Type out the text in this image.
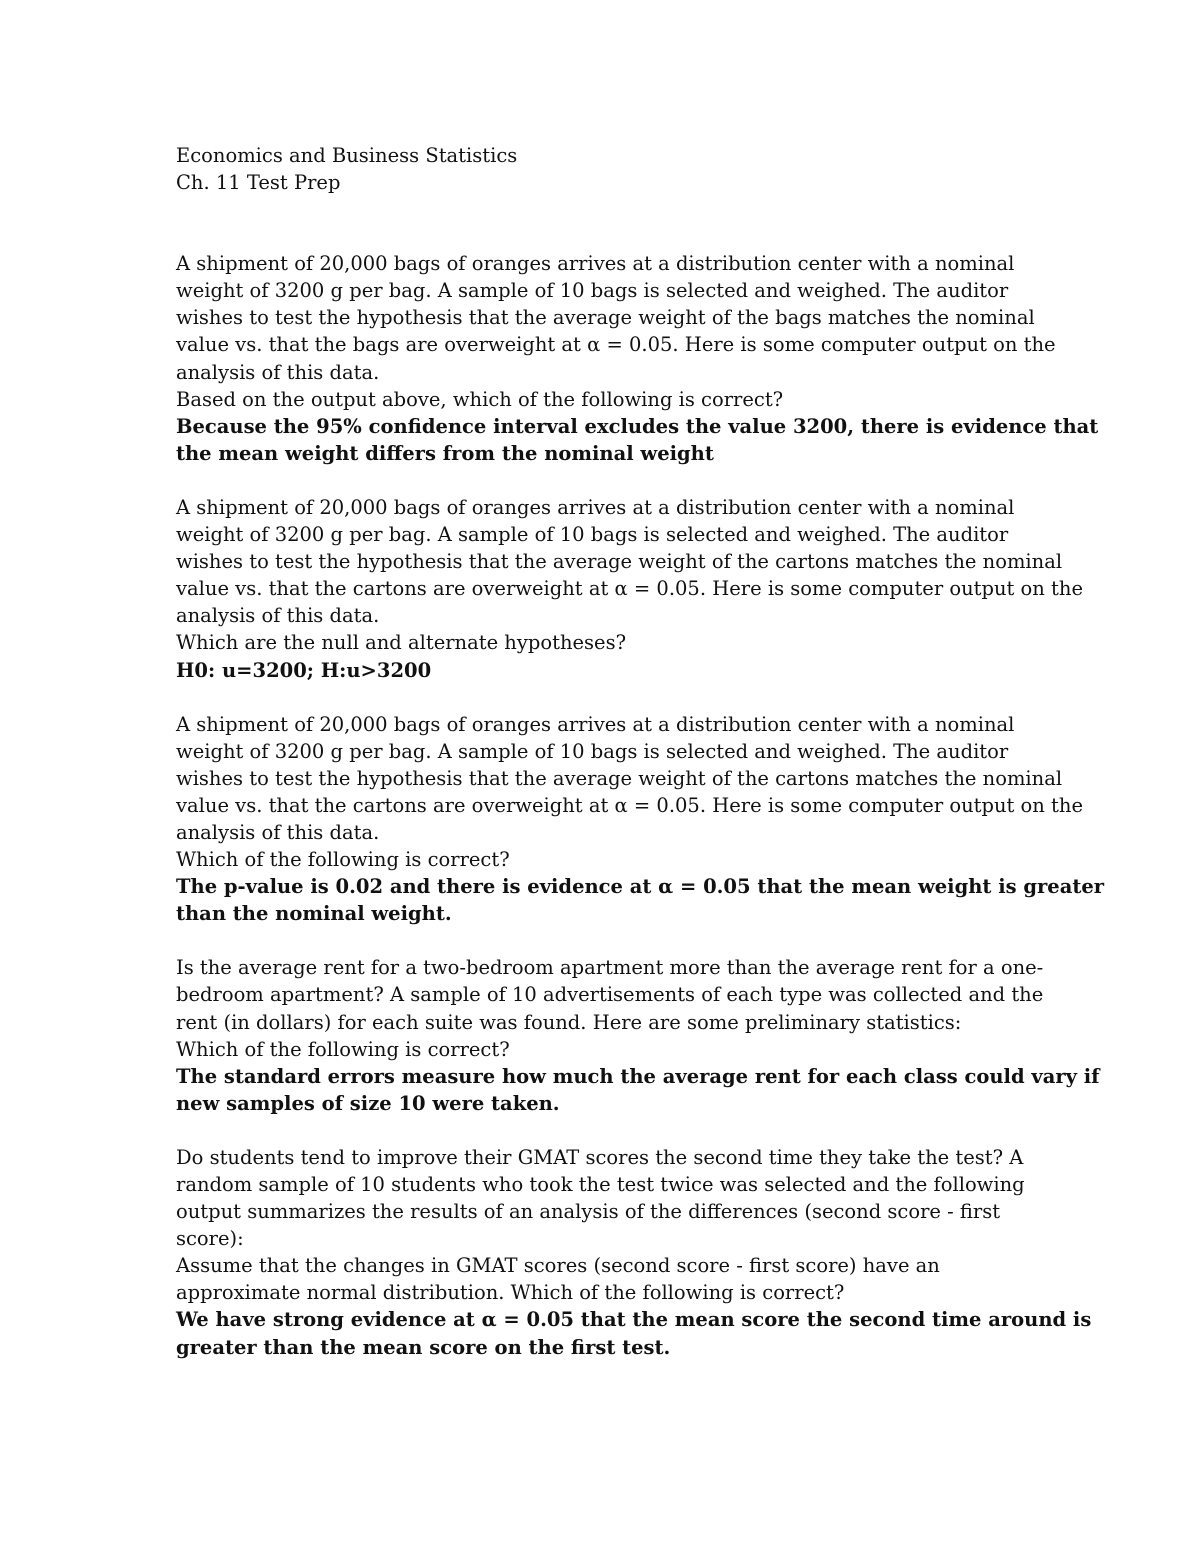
Economics and Business Statistics
Ch. 11 Test Prep
A shipment of 20,000 bags of oranges arrives at a distribution center with a nominal
weight of 3200 g per bag. A sample of 10 bags is selected and weighed. The auditor
wishes to test the hypothesis that the average weight of the bags matches the nominal
value vs. that the bags are overweight at α = 0.05. Here is some computer output on the
analysis of this data.
Based on the output above, which of the following is correct?
Because the 95% confidence interval excludes the value 3200, there is evidence that
the mean weight differs from the nominal weight
A shipment of 20,000 bags of oranges arrives at a distribution center with a nominal
weight of 3200 g per bag. A sample of 10 bags is selected and weighed. The auditor
wishes to test the hypothesis that the average weight of the cartons matches the nominal
value vs. that the cartons are overweight at α = 0.05. Here is some computer output on the
analysis of this data.
Which are the null and alternate hypotheses?
H0: u=3200; H:u>3200
A shipment of 20,000 bags of oranges arrives at a distribution center with a nominal
weight of 3200 g per bag. A sample of 10 bags is selected and weighed. The auditor
wishes to test the hypothesis that the average weight of the cartons matches the nominal
value vs. that the cartons are overweight at α = 0.05. Here is some computer output on the
analysis of this data.
Which of the following is correct?
The p-value is 0.02 and there is evidence at α = 0.05 that the mean weight is greater
than the nominal weight.
Is the average rent for a two-bedroom apartment more than the average rent for a one-
bedroom apartment? A sample of 10 advertisements of each type was collected and the
rent (in dollars) for each suite was found. Here are some preliminary statistics:
Which of the following is correct?
The standard errors measure how much the average rent for each class could vary if
new samples of size 10 were taken.
Do students tend to improve their GMAT scores the second time they take the test? A
random sample of 10 students who took the test twice was selected and the following
output summarizes the results of an analysis of the differences (second score - first
score):
Assume that the changes in GMAT scores (second score - first score) have an
approximate normal distribution. Which of the following is correct?
We have strong evidence at α = 0.05 that the mean score the second time around is
greater than the mean score on the first test.
